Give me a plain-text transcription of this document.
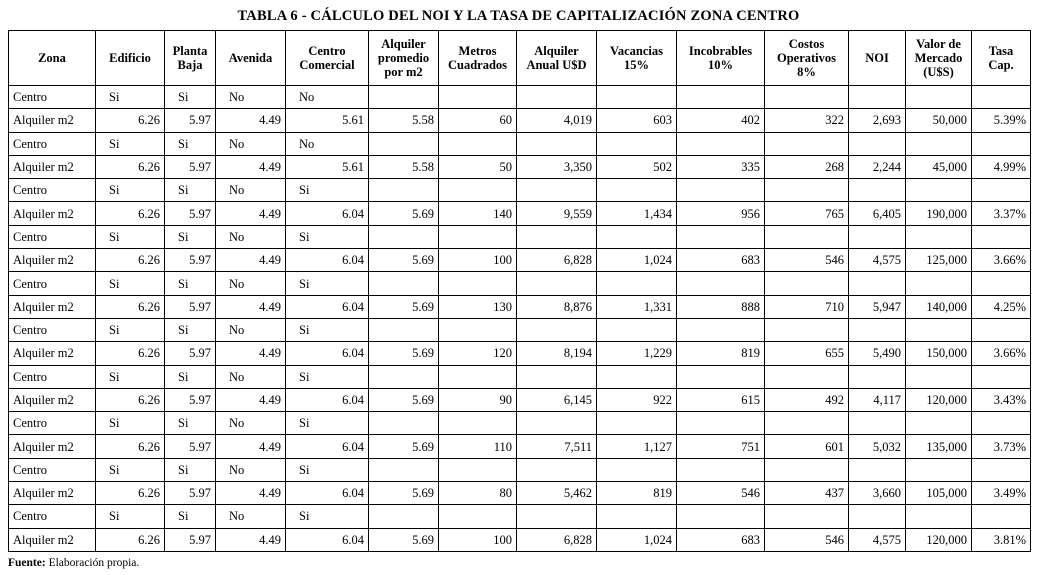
TABLA 6 - CÁLCULO DEL NOI Y LA TASA DE CAPITALIZACIÓN ZONA CENTRO
Zona	Edificio	Planta Baja	Avenida	Centro Comercial	Alquiler promedio por m2	Metros Cuadrados	Alquiler Anual U$D	Vacancias 15%	Incobrables 10%	Costos Operativos 8%	NOI	Valor de Mercado (U$S)	Tasa Cap.
Centro	Si	Si	No	No									
Alquiler m2	6.26	5.97	4.49	5.61	5.58	60	4,019	603	402	322	2,693	50,000	5.39%
Centro	Si	Si	No	No									
Alquiler m2	6.26	5.97	4.49	5.61	5.58	50	3,350	502	335	268	2,244	45,000	4.99%
Centro	Si	Si	No	Si									
Alquiler m2	6.26	5.97	4.49	6.04	5.69	140	9,559	1,434	956	765	6,405	190,000	3.37%
Centro	Si	Si	No	Si									
Alquiler m2	6.26	5.97	4.49	6.04	5.69	100	6,828	1,024	683	546	4,575	125,000	3.66%
Centro	Si	Si	No	Si									
Alquiler m2	6.26	5.97	4.49	6.04	5.69	130	8,876	1,331	888	710	5,947	140,000	4.25%
Centro	Si	Si	No	Si									
Alquiler m2	6.26	5.97	4.49	6.04	5.69	120	8,194	1,229	819	655	5,490	150,000	3.66%
Centro	Si	Si	No	Si									
Alquiler m2	6.26	5.97	4.49	6.04	5.69	90	6,145	922	615	492	4,117	120,000	3.43%
Centro	Si	Si	No	Si									
Alquiler m2	6.26	5.97	4.49	6.04	5.69	110	7,511	1,127	751	601	5,032	135,000	3.73%
Centro	Si	Si	No	Si									
Alquiler m2	6.26	5.97	4.49	6.04	5.69	80	5,462	819	546	437	3,660	105,000	3.49%
Centro	Si	Si	No	Si									
Alquiler m2	6.26	5.97	4.49	6.04	5.69	100	6,828	1,024	683	546	4,575	120,000	3.81%
Fuente: Elaboración propia.
